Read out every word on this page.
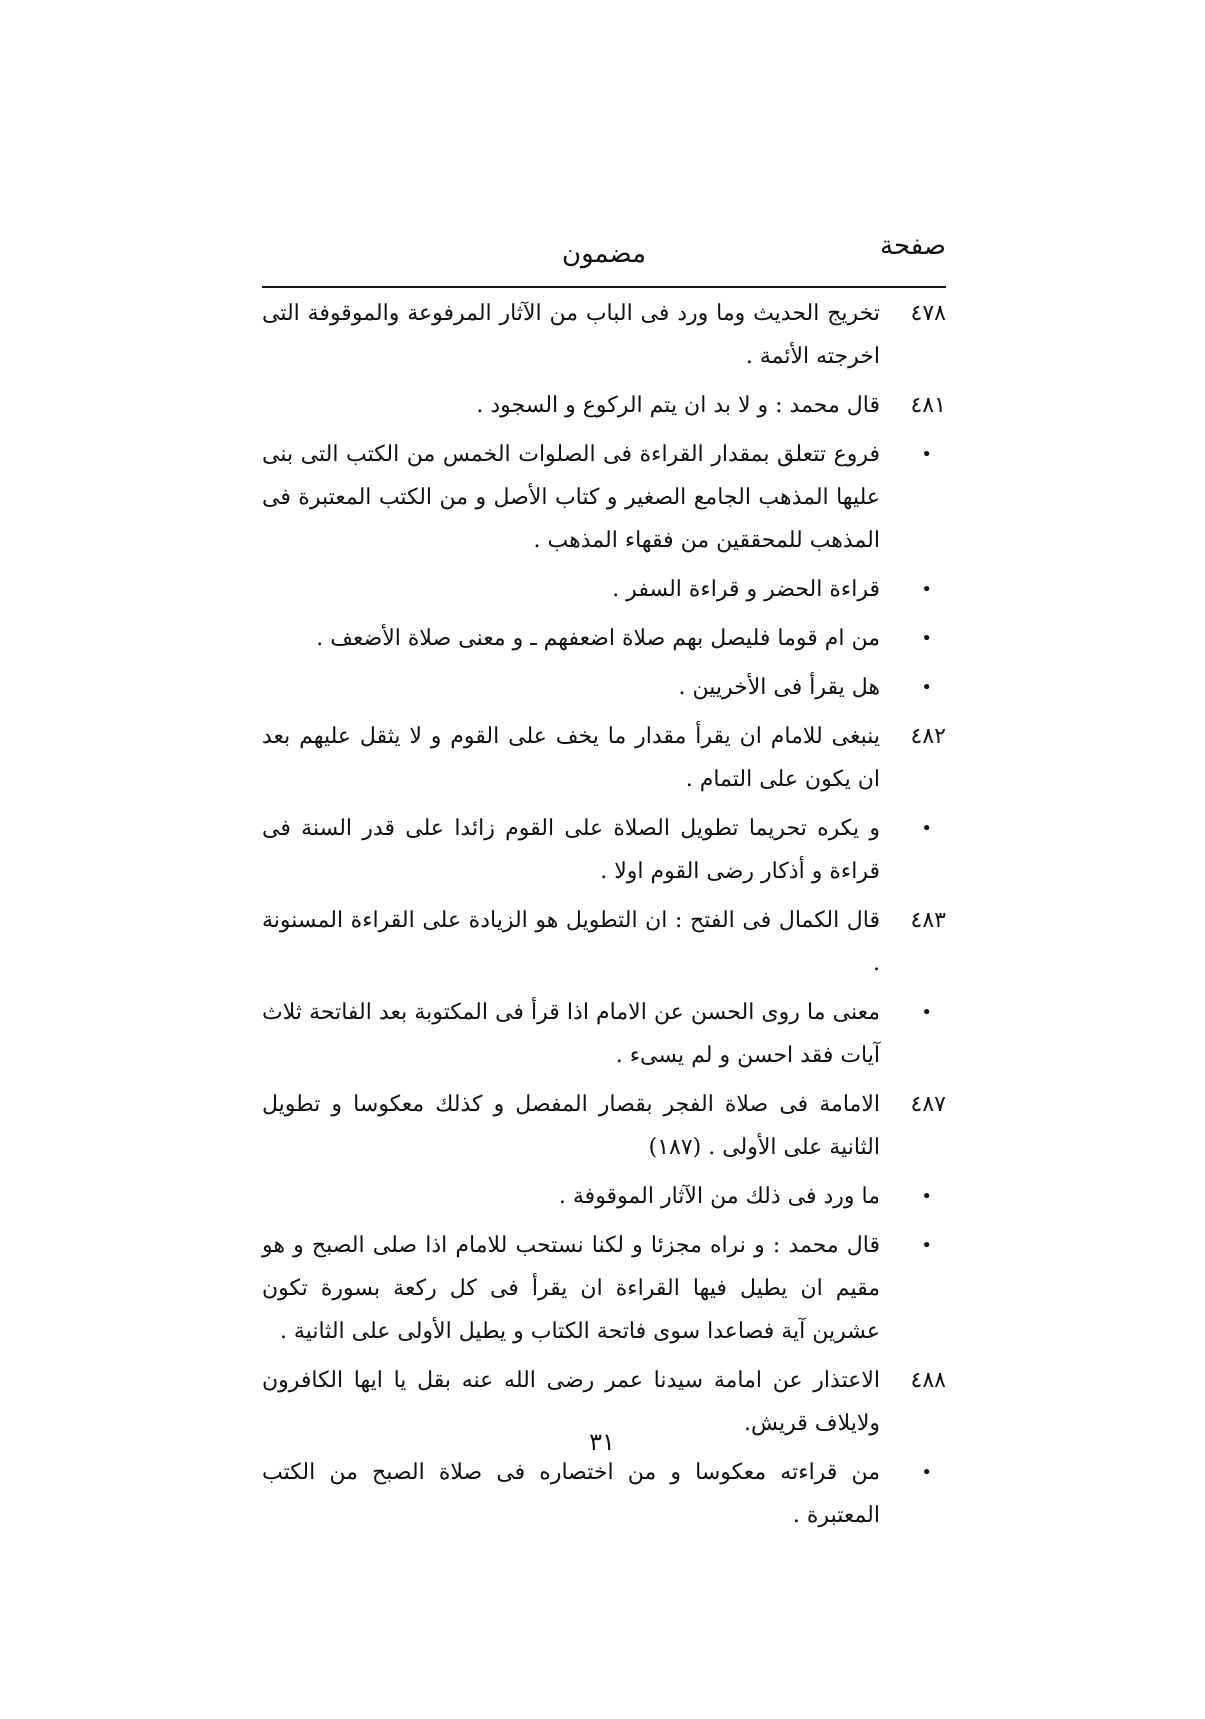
صفحة
مضمون
٤٧٨
تخريج الحديث وما ورد فى الباب من الآثار المرفوعة والموقوفة التى اخرجته الأئمة .
٤٨١
قال محمد : و لا بد ان يتم الركوع و السجود .
•
فروع تتعلق بمقدار القراءة فى الصلوات الخمس من الكتب التى بنى عليها المذهب الجامع الصغير و كتاب الأصل و من الكتب المعتبرة فى المذهب للمحققين من فقهاء المذهب .
•
قراءة الحضر و قراءة السفر .
•
من ام قوما فليصل بهم صلاة اضعفهم ـ و معنى صلاة الأضعف .
•
هل يقرأ فى الأخريين .
٤٨٢
ينبغى للامام ان يقرأ مقدار ما يخف على القوم و لا يثقل عليهم بعد ان يكون على التمام .
•
و يكره تحريما تطويل الصلاة على القوم زائدا على قدر السنة فى قراءة و أذكار رضى القوم اولا .
٤٨٣
قال الكمال فى الفتح : ان التطويل هو الزيادة على القراءة المسنونة .
•
معنى ما روى الحسن عن الامام اذا قرأ فى المكتوبة بعد الفاتحة ثلاث آيات فقد احسن و لم يسىء .
٤٨٧
الامامة فى صلاة الفجر بقصار المفصل و كذلك معكوسا و تطويل الثانية على الأولى . (١٨٧)
•
ما ورد فى ذلك من الآثار الموقوفة .
•
قال محمد : و نراه مجزئا و لكنا نستحب للامام اذا صلى الصبح و هو مقيم ان يطيل فيها القراءة ان يقرأ فى كل ركعة بسورة تكون عشرين آية فصاعدا سوى فاتحة الكتاب و يطيل الأولى على الثانية .
٤٨٨
الاعتذار عن امامة سيدنا عمر رضى الله عنه بقل يا ايها الكافرون ولايلاف قريش.
•
من قراءته معكوسا و من اختصاره فى صلاة الصبح من الكتب المعتبرة .
٣١
